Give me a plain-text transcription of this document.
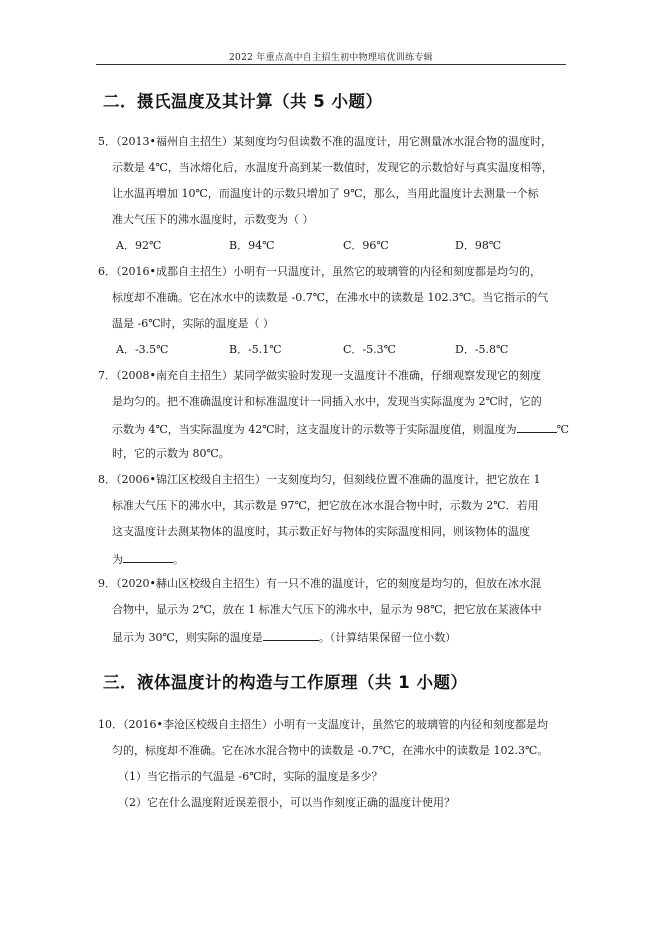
2022 年重点高中自主招生初中物理培优训练专辑
二．摄氏温度及其计算（共 5 小题）
5．（2013•福州自主招生）某刻度均匀但读数不准的温度计，用它测量冰水混合物的温度时，
示数是 4℃，当冰熔化后，水温度升高到某一数值时，发现它的示数恰好与真实温度相等，
让水温再增加 10℃，而温度计的示数只增加了 9℃，那么，当用此温度计去测量一个标
准大气压下的沸水温度时，示数变为（ ）
A．92℃	B．94℃	C．96℃	D．98℃
6．（2016•成都自主招生）小明有一只温度计，虽然它的玻璃管的内径和刻度都是均匀的，
标度却不准确。它在冰水中的读数是 -0.7℃，在沸水中的读数是 102.3℃。当它指示的气
温是 -6℃时，实际的温度是（ ）
A．-3.5℃	B．-5.1℃	C．-5.3℃	D．-5.8℃
7．（2008•南充自主招生）某同学做实验时发现一支温度计不准确，仔细观察发现它的刻度
是均匀的。把不准确温度计和标准温度计一同插入水中，发现当实际温度为 2℃时，它的
示数为 4℃，当实际温度为 42℃时，这支温度计的示数等于实际温度值，则温度为	℃
时，它的示数为 80℃。
8．（2006•锦江区校级自主招生）一支刻度均匀，但刻线位置不准确的温度计，把它放在 1
标准大气压下的沸水中，其示数是 97℃，把它放在冰水混合物中时，示数为 2℃．若用
这支温度计去测某物体的温度时，其示数正好与物体的实际温度相同，则该物体的温度
为	。
9．（2020•赫山区校级自主招生）有一只不准的温度计，它的刻度是均匀的，但放在冰水混
合物中，显示为 2℃，放在 1 标准大气压下的沸水中，显示为 98℃，把它放在某液体中
显示为 30℃，则实际的温度是	。（计算结果保留一位小数）
三．液体温度计的构造与工作原理（共 1 小题）
10．（2016•李沧区校级自主招生）小明有一支温度计，虽然它的玻璃管的内径和刻度都是均
匀的，标度却不准确。它在冰水混合物中的读数是 -0.7℃，在沸水中的读数是 102.3℃。
（1）当它指示的气温是 -6℃时，实际的温度是多少？
（2）它在什么温度附近误差很小，可以当作刻度正确的温度计使用？
